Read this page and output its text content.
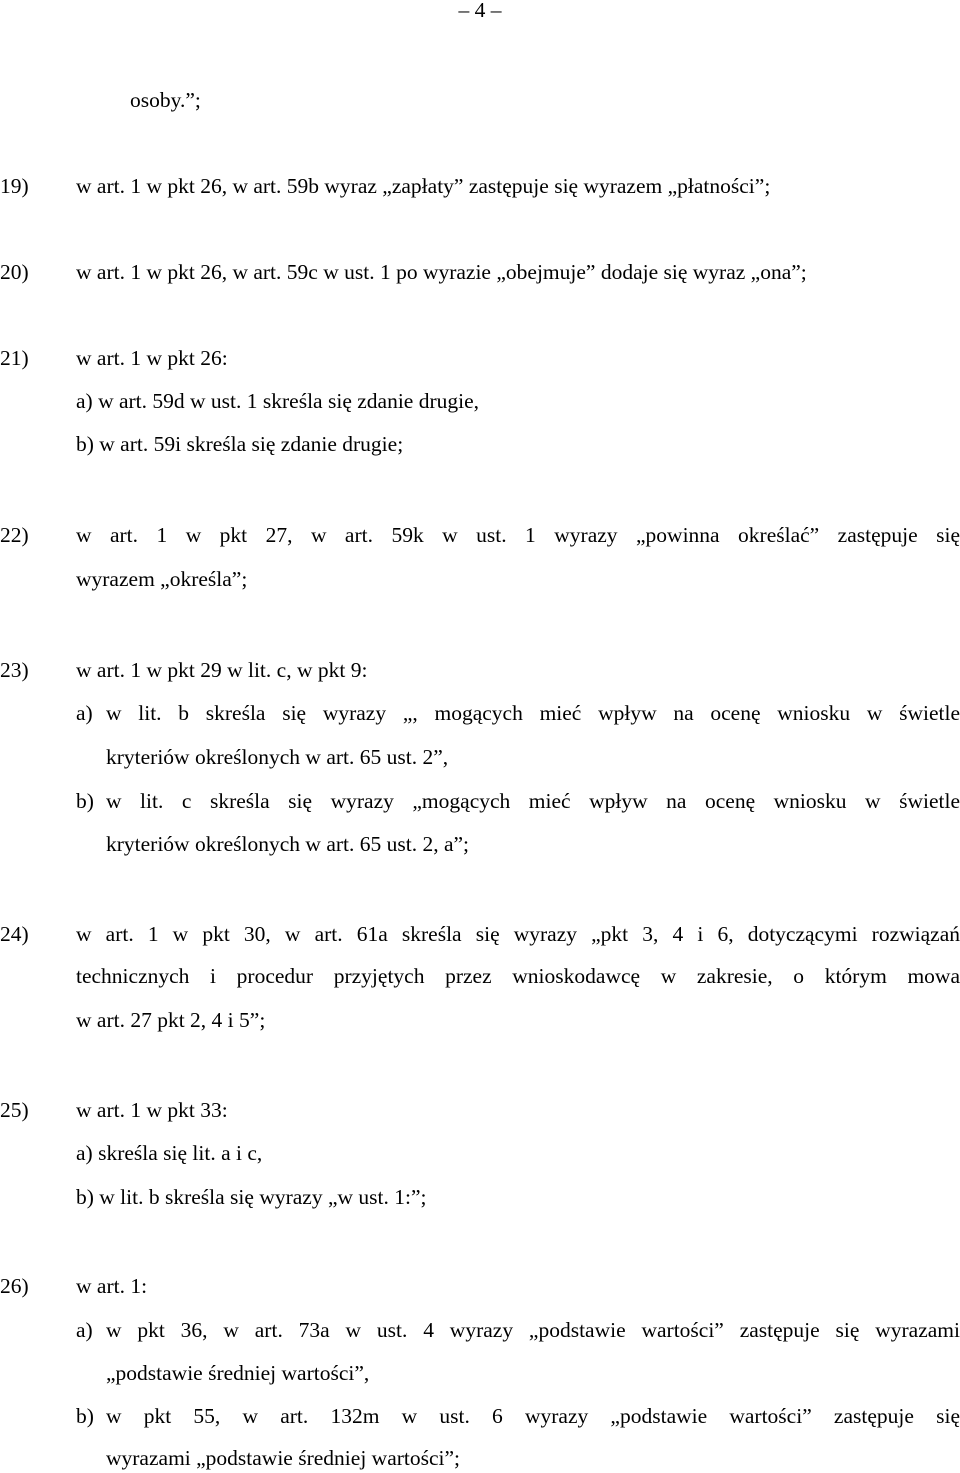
– 4 –
osoby.”;
19) w art. 1 w pkt 26, w art. 59b wyraz „zapłaty” zastępuje się wyrazem „płatności”;
20) w art. 1 w pkt 26, w art. 59c w ust. 1 po wyrazie „obejmuje” dodaje się wyraz „ona”;
21) w art. 1 w pkt 26:
a) w art. 59d w ust. 1 skreśla się zdanie drugie,
b) w art. 59i skreśla się zdanie drugie;
22) w art. 1 w pkt 27, w art. 59k w ust. 1 wyrazy „powinna określać” zastępuje się
wyrazem „określa”;
23) w art. 1 w pkt 29 w lit. c, w pkt 9:
a) w lit. b skreśla się wyrazy „, mogących mieć wpływ na ocenę wniosku w świetle
kryteriów określonych w art. 65 ust. 2”,
b) w lit. c skreśla się wyrazy „mogących mieć wpływ na ocenę wniosku w świetle
kryteriów określonych w art. 65 ust. 2, a”;
24) w art. 1 w pkt 30, w art. 61a skreśla się wyrazy „pkt 3, 4 i 6, dotyczącymi rozwiązań
technicznych i procedur przyjętych przez wnioskodawcę w zakresie, o którym mowa
w art. 27 pkt 2, 4 i 5”;
25) w art. 1 w pkt 33:
a) skreśla się lit. a i c,
b) w lit. b skreśla się wyrazy „w ust. 1:”;
26) w art. 1:
a) w pkt 36, w art. 73a w ust. 4 wyrazy „podstawie wartości” zastępuje się wyrazami
„podstawie średniej wartości”,
b) w pkt 55, w art. 132m w ust. 6 wyrazy „podstawie wartości” zastępuje się
wyrazami „podstawie średniej wartości”;
